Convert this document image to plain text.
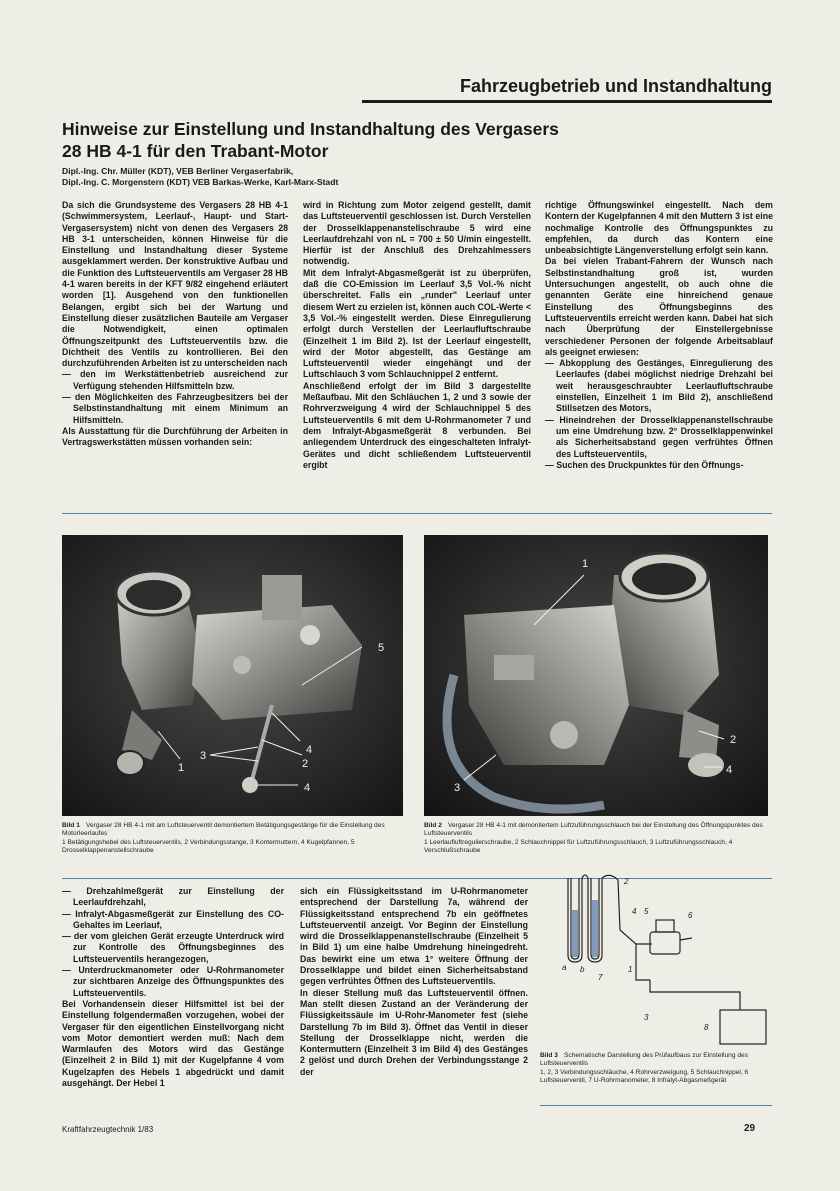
Fahrzeugbetrieb und Instandhaltung
Hinweise zur Einstellung und Instandhaltung des Vergasers
28 HB 4-1 für den Trabant-Motor
Dipl.-Ing. Chr. Müller (KDT), VEB Berliner Vergaserfabrik,
Dipl.-Ing. C. Morgenstern (KDT) VEB Barkas-Werke, Karl-Marx-Stadt

Da sich die Grundsysteme des Vergasers 28 HB 4-1 (Schwimmersystem, Leerlauf-, Haupt- und Start-Vergasersystem) nicht von denen des Vergasers 28 HB 3-1 unterscheiden, können Hinweise für die Einstellung und Instandhaltung dieser Systeme ausgeklammert werden. Der konstruktive Aufbau und die Funktion des Luftsteuerventils am Vergaser 28 HB 4-1 waren bereits in der KFT 9/82 eingehend erläutert worden [1]. Ausgehend von den funktionellen Belangen, ergibt sich bei der Wartung und Einstellung dieser zusätzlichen Bauteile am Vergaser die Notwendigkeit, einen optimalen Öffnungszeitpunkt des Luftsteuerventils bzw. die Dichtheit des Ventils zu kontrollieren. Bei den durchzuführenden Arbeiten ist zu unterscheiden nach

— den im Werkstättenbetrieb ausreichend zur Verfügung stehenden Hilfsmitteln bzw.
— den Möglichkeiten des Fahrzeugbesitzers bei der Selbstinstandhaltung mit einem Minimum an Hilfsmitteln.

Als Ausstattung für die Durchführung der Arbeiten in Vertragswerkstätten müssen vorhanden sein:

wird in Richtung zum Motor zeigend gestellt, damit das Luftsteuerventil geschlossen ist. Durch Verstellen der Drosselklappenanstellschraube 5 wird eine Leerlaufdrehzahl von nL = 700 ± 50 U/min eingestellt. Hierfür ist der Anschluß des Drehzahlmessers notwendig.

Mit dem Infralyt-Abgasmeßgerät ist zu überprüfen, daß die CO-Emission im Leerlauf 3,5 Vol.-% nicht überschreitet. Falls ein „runder" Leerlauf unter diesem Wert zu erzielen ist, können auch COL-Werte < 3,5 Vol.-% eingestellt werden. Diese Einregulierung erfolgt durch Verstellen der Leerlaufluftschraube (Einzelheit 1 im Bild 2). Ist der Leerlauf eingestellt, wird der Motor abgestellt, das Gestänge am Luftsteuerventil wieder eingehängt und der Luftschlauch 3 vom Schlauchnippel 2 entfernt.

Anschließend erfolgt der im Bild 3 dargestellte Meßaufbau. Mit den Schläuchen 1, 2 und 3 sowie der Rohrverzweigung 4 wird der Schlauchnippel 5 des Luftsteuerventils 6 mit dem U-Rohrmanometer 7 und dem Infralyt-Abgasmeßgerät 8 verbunden. Bei anliegendem Unterdruck des eingeschalteten Infralyt-Gerätes und dicht schließendem Luftsteuerventil ergibt

richtige Öffnungswinkel eingestellt. Nach dem Kontern der Kugelpfannen 4 mit den Muttern 3 ist eine nochmalige Kontrolle des Öffnungspunktes zu empfehlen, da durch das Kontern eine unbeabsichtigte Längenverstellung erfolgt sein kann.

Da bei vielen Trabant-Fahrern der Wunsch nach Selbstinstandhaltung groß ist, wurden Untersuchungen angestellt, ob auch ohne die genannten Geräte eine hinreichend genaue Einstellung des Öffnungsbeginns des Luftsteuerventils erreicht werden kann. Dabei hat sich nach Überprüfung der Einstellergebnisse verschiedener Personen der folgende Arbeitsablauf als geeignet erwiesen:

— Abkopplung des Gestänges, Einregulierung des Leerlaufes (dabei möglichst niedrige Drehzahl bei weit herausgeschraubter Leerlaufluftschraube einstellen, Einzelheit 1 im Bild 2), anschließend Stillsetzen des Motors,
— Hineindrehen der Drosselklappenanstellschraube um eine Umdrehung bzw. 2° Drosselklappenwinkel als Sicherheitsabstand gegen verfrühtes Öffnen des Luftsteuerventils,
— Suchen des Druckpunktes für den Öffnungs-
5
1
3
2
4
4
1
2
4
3
Bild 1 Vergaser 28 HB 4-1 mit am Luftsteuerventil demontiertem Betätigungsgestänge für die Einstellung des Motorleerlaufes
1 Betätigungshebel des Luftsteuerventils, 2 Verbindungsstange, 3 Kontermuttern, 4 Kugelpfannen, 5 Drosselklappenanstellschraube
Bild 2 Vergaser 28 HB 4-1 mit demontiertem Luftzuführungsschlauch bei der Einstellung des Öffnungspunktes des Luftsteuerventils
1 Leerlaufluftregulierschraube, 2 Schlauchnippel für Luftzuführungsschlauch, 3 Luftzuführungsschlauch, 4 Verschlußschraube
— Drehzahlmeßgerät zur Einstellung der Leerlaufdrehzahl,
— Infralyt-Abgasmeßgerät zur Einstellung des CO-Gehaltes im Leerlauf,
— der vom gleichen Gerät erzeugte Unterdruck wird zur Kontrolle des Öffnungsbeginnes des Luftsteuerventils herangezogen,
— Unterdruckmanometer oder U-Rohrmanometer zur sichtbaren Anzeige des Öffnungspunktes des Luftsteuerventils.

Bei Vorhandensein dieser Hilfsmittel ist bei der Einstellung folgendermaßen vorzugehen, wobei der Vergaser für den eigentlichen Einstellvorgang nicht vom Motor demontiert werden muß: Nach dem Warmlaufen des Motors wird das Gestänge (Einzelheit 2 in Bild 1) mit der Kugelpfanne 4 vom Kugelzapfen des Hebels 1 abgedrückt und damit ausgehängt. Der Hebel 1

sich ein Flüssigkeitsstand im U-Rohrmanometer entsprechend der Darstellung 7a, während der Flüssigkeitsstand entsprechend 7b ein geöffnetes Luftsteuerventil anzeigt. Vor Beginn der Einstellung wird die Drosselklappenanstellschraube (Einzelheit 5 in Bild 1) um eine halbe Umdrehung hineingedreht. Das bewirkt eine um etwa 1° weitere Öffnung der Drosselklappe und bildet einen Sicherheitsabstand gegen verfrühtes Öffnen des Luftsteuerventils.

In dieser Stellung muß das Luftsteuerventil öffnen. Man stellt diesen Zustand an der Veränderung der Flüssigkeitssäule im U-Rohr-Manometer fest (siehe Darstellung 7b im Bild 3). Öffnet das Ventil in dieser Stellung der Drosselklappe nicht, werden die Kontermuttern (Einzelheit 3 im Bild 4) des Gestänges 2 gelöst und durch Drehen der Verbindungsstange 2 der

2
4 5	6
1
3
8
a b
7
Bild 3 Schematische Darstellung des Prüfaufbaus zur Einstellung des Luftsteuerventils
1, 2, 3 Verbindungsschläuche, 4 Rohrverzweigung, 5 Schlauchnippel, 6 Luftsteuerventil, 7 U-Rohrmanometer, 8 Infralyt-Abgasmeßgerät
Kraftfahrzeugtechnik 1/83	29
